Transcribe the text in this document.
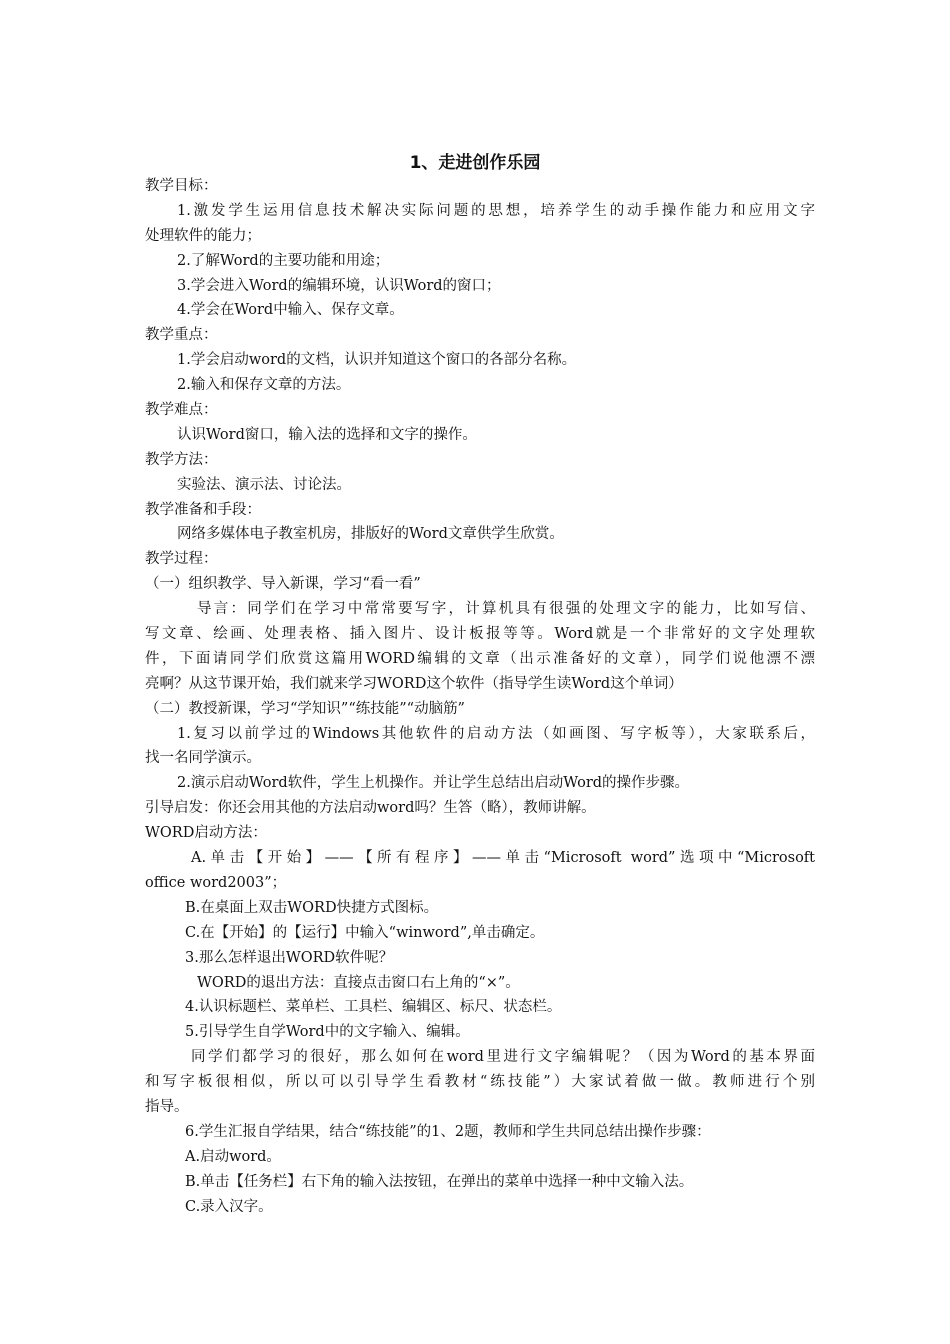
1、走进创作乐园
教学目标：
1.激发学生运用信息技术解决实际问题的思想，培养学生的动手操作能力和应用文字
处理软件的能力；
2.了解Word的主要功能和用途；
3.学会进入Word的编辑环境，认识Word的窗口；
4.学会在Word中输入、保存文章。
教学重点：
1.学会启动word的文档，认识并知道这个窗口的各部分名称。
2.输入和保存文章的方法。
教学难点：
认识Word窗口，输入法的选择和文字的操作。
教学方法：
实验法、演示法、讨论法。
教学准备和手段：
网络多媒体电子教室机房，排版好的Word文章供学生欣赏。
教学过程：
（一）组织教学、导入新课，学习“看一看”
导言：同学们在学习中常常要写字，计算机具有很强的处理文字的能力，比如写信、
写文章、绘画、处理表格、插入图片、设计板报等等。Word就是一个非常好的文字处理软
件，下面请同学们欣赏这篇用WORD编辑的文章（出示准备好的文章），同学们说他漂不漂
亮啊？从这节课开始，我们就来学习WORD这个软件（指导学生读Word这个单词）
（二）教授新课，学习“学知识”“练技能”“动脑筋”
1.复习以前学过的Windows其他软件的启动方法（如画图、写字板等），大家联系后，
找一名同学演示。
2.演示启动Word软件，学生上机操作。并让学生总结出启动Word的操作步骤。
引导启发：你还会用其他的方法启动word吗？生答（略），教师讲解。
WORD启动方法：
A.单击【开始】——【所有程序】——单击“Microsoft word”选项中“Microsoft
office word2003”；
B.在桌面上双击WORD快捷方式图标。
C.在【开始】的【运行】中输入“winword”,单击确定。
3.那么怎样退出WORD软件呢？
WORD的退出方法：直接点击窗口右上角的“×”。
4.认识标题栏、菜单栏、工具栏、编辑区、标尺、状态栏。
5.引导学生自学Word中的文字输入、编辑。
同学们都学习的很好，那么如何在word里进行文字编辑呢？（因为Word的基本界面
和写字板很相似，所以可以引导学生看教材“练技能”）大家试着做一做。教师进行个别
指导。
6.学生汇报自学结果，结合“练技能”的1、2题，教师和学生共同总结出操作步骤：
A.启动word。
B.单击【任务栏】右下角的输入法按钮，在弹出的菜单中选择一种中文输入法。
C.录入汉字。
